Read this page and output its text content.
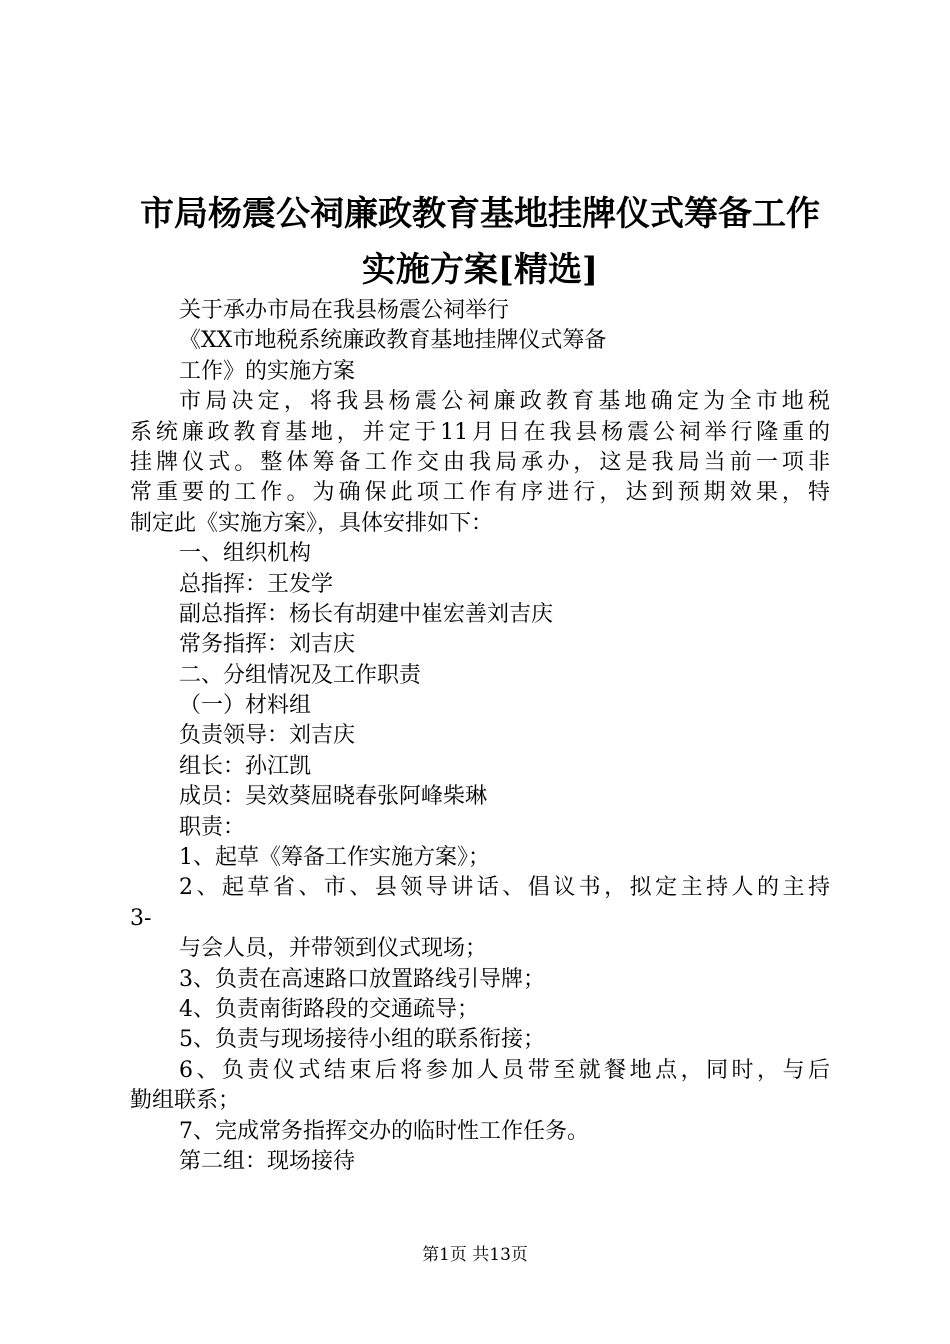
市局杨震公祠廉政教育基地挂牌仪式筹备工作
实施方案[精选]
关于承办市局在我县杨震公祠举行
《XX市地税系统廉政教育基地挂牌仪式筹备
工作》的实施方案
市局决定，将我县杨震公祠廉政教育基地确定为全市地税
系统廉政教育基地，并定于11月日在我县杨震公祠举行隆重的
挂牌仪式。整体筹备工作交由我局承办，这是我局当前一项非
常重要的工作。为确保此项工作有序进行，达到预期效果，特
制定此《实施方案》，具体安排如下：
一、组织机构
总指挥：王发学
副总指挥：杨长有胡建中崔宏善刘吉庆
常务指挥：刘吉庆
二、分组情况及工作职责
（一）材料组
负责领导：刘吉庆
组长：孙江凯
成员：吴效葵屈晓春张阿峰柴琳
职责：
1、起草《筹备工作实施方案》；
2、起草省、市、县领导讲话、倡议书，拟定主持人的主持
3-
与会人员，并带领到仪式现场；
3、负责在高速路口放置路线引导牌；
4、负责南街路段的交通疏导；
5、负责与现场接待小组的联系衔接；
6、负责仪式结束后将参加人员带至就餐地点，同时，与后
勤组联系；
7、完成常务指挥交办的临时性工作任务。
第二组：现场接待
第1页 共13页
